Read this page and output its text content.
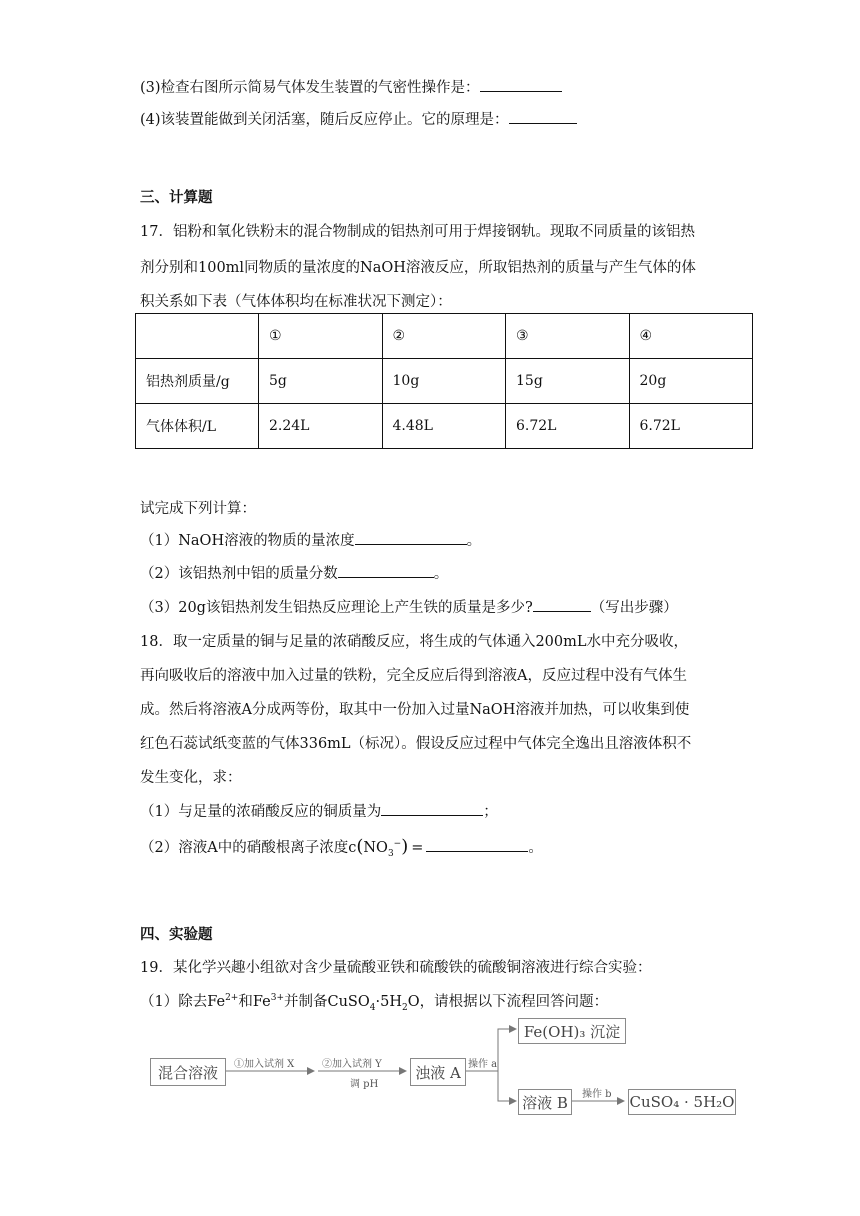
(3)检查右图所示简易气体发生装置的气密性操作是：
(4)该装置能做到关闭活塞，随后反应停止。它的原理是：
三、计算题
17．铝粉和氧化铁粉末的混合物制成的铝热剂可用于焊接钢轨。现取不同质量的该铝热
剂分别和100ml同物质的量浓度的NaOH溶液反应，所取铝热剂的质量与产生气体的体
积关系如下表（气体体积均在标准状况下测定）：
	①	②	③	④
铝热剂质量/g	5g	10g	15g	20g
气体体积/L	2.24L	4.48L	6.72L	6.72L
试完成下列计算：
（1）NaOH溶液的物质的量浓度	。
（2）该铝热剂中铝的质量分数	。
（3）20g该铝热剂发生铝热反应理论上产生铁的质量是多少?	（写出步骤）
18．取一定质量的铜与足量的浓硝酸反应，将生成的气体通入200mL水中充分吸收，
再向吸收后的溶液中加入过量的铁粉，完全反应后得到溶液A，反应过程中没有气体生
成。然后将溶液A分成两等份，取其中一份加入过量NaOH溶液并加热，可以收集到使
红色石蕊试纸变蓝的气体336mL（标况）。假设反应过程中气体完全逸出且溶液体积不
发生变化，求：
（1）与足量的浓硝酸反应的铜质量为	；
（2）溶液A中的硝酸根离子浓度$c(NO_3^-)$ =	。
四、实验题
19．某化学兴趣小组欲对含少量硫酸亚铁和硫酸铁的硫酸铜溶液进行综合实验：
（1）除去$Fe^{2+}$和$Fe^{3+}$并制备$CuSO_4\cdot 5H_2O$，请根据以下流程回答问题：
混合溶液	①加入试剂 X	②加入试剂 Y
调 pH
浊液 A 操作 a
Fe(OH)₃ 沉淀
溶液 B	操作 b CuSO₄ · 5H₂O
